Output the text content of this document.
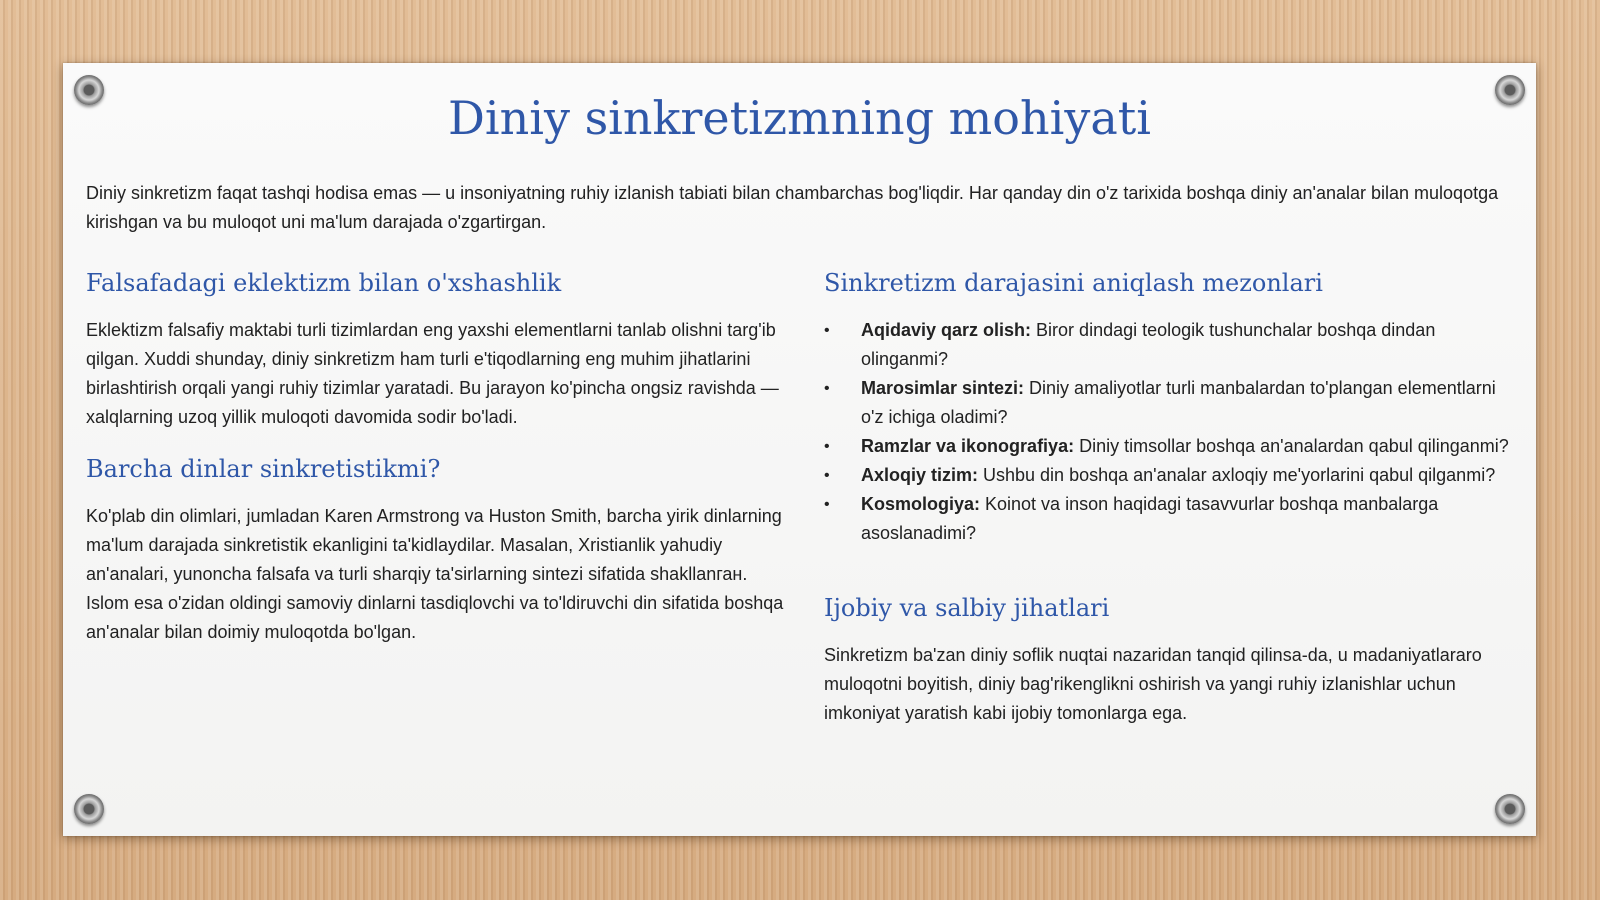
Diniy sinkretizmning mohiyati

Diniy sinkretizm faqat tashqi hodisa emas — u insoniyatning ruhiy izlanish tabiati bilan chambarchas bog'liqdir. Har qanday din o'z tarixida boshqa diniy an'analar bilan muloqotga kirishgan va bu muloqot uni ma'lum darajada o'zgartirgan.

Falsafadagi eklektizm bilan o'xshashlik

Eklektizm falsafiy maktabi turli tizimlardan eng yaxshi elementlarni tanlab olishni targ'ib qilgan. Xuddi shunday, diniy sinkretizm ham turli e'tiqodlarning eng muhim jihatlarini birlashtirish orqali yangi ruhiy tizimlar yaratadi. Bu jarayon ko'pincha ongsiz ravishda — xalqlarning uzoq yillik muloqoti davomida sodir bo'ladi.

Barcha dinlar sinkretistikmi?

Ko'plab din olimlari, jumladan Karen Armstrong va Huston Smith, barcha yirik dinlarning ma'lum darajada sinkretistik ekanligini ta'kidlaydilar. Masalan, Xristianlik yahudiy an'analari, yunoncha falsafa va turli sharqiy ta'sirlarning sintezi sifatida shakllanган. Islom esa o'zidan oldingi samoviy dinlarni tasdiqlovchi va to'ldiruvchi din sifatida boshqa an'analar bilan doimiy muloqotda bo'lgan.

Sinkretizm darajasini aniqlash mezonlari
• Aqidaviy qarz olish: Biror dindagi teologik tushunchalar boshqa dindan olinganmi?
• Marosimlar sintezi: Diniy amaliyotlar turli manbalardan to'plangan elementlarni o'z ichiga oladimi?
• Ramzlar va ikonografiya: Diniy timsollar boshqa an'analardan qabul qilinganmi?
• Axloqiy tizim: Ushbu din boshqa an'analar axloqiy me'yorlarini qabul qilganmi?
• Kosmologiya: Koinot va inson haqidagi tasavvurlar boshqa manbalarga asoslanadimi?
Ijobiy va salbiy jihatlari

Sinkretizm ba'zan diniy soflik nuqtai nazaridan tanqid qilinsa-da, u madaniyatlararo muloqotni boyitish, diniy bag'rikenglikni oshirish va yangi ruhiy izlanishlar uchun imkoniyat yaratish kabi ijobiy tomonlarga ega.
